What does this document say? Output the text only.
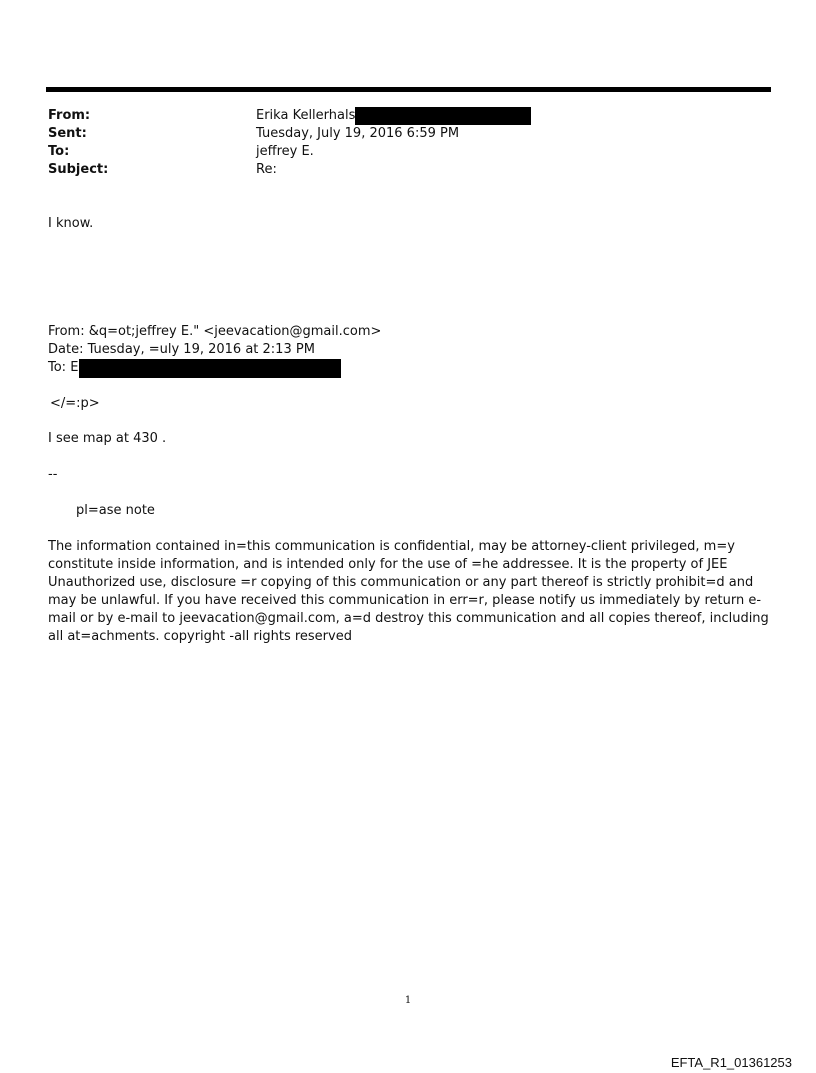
From:	Erika Kellerhals
Sent:	Tuesday, July 19, 2016 6:59 PM
To:	jeffrey E.
Subject:	Re:
I know.
From: &q=ot;jeffrey E." <jeevacation@gmail.com>
Date: Tuesday, =uly 19, 2016 at 2:13 PM
To: E
</=:p>
I see map at 430 .
--
pl=ase note
The information contained in=this communication is confidential, may be attorney-client privileged, m=y constitute inside information, and is intended only for the use of =he addressee. It is the property of JEE Unauthorized use, disclosure =r copying of this communication or any part thereof is strictly prohibit=d and may be unlawful. If you have received this communication in err=r, please notify us immediately by return e-mail or by e-mail to jeevacation@gmail.com, a=d destroy this communication and all copies thereof, including all at=achments. copyright -all rights reserved
1
EFTA_R1_01361253
